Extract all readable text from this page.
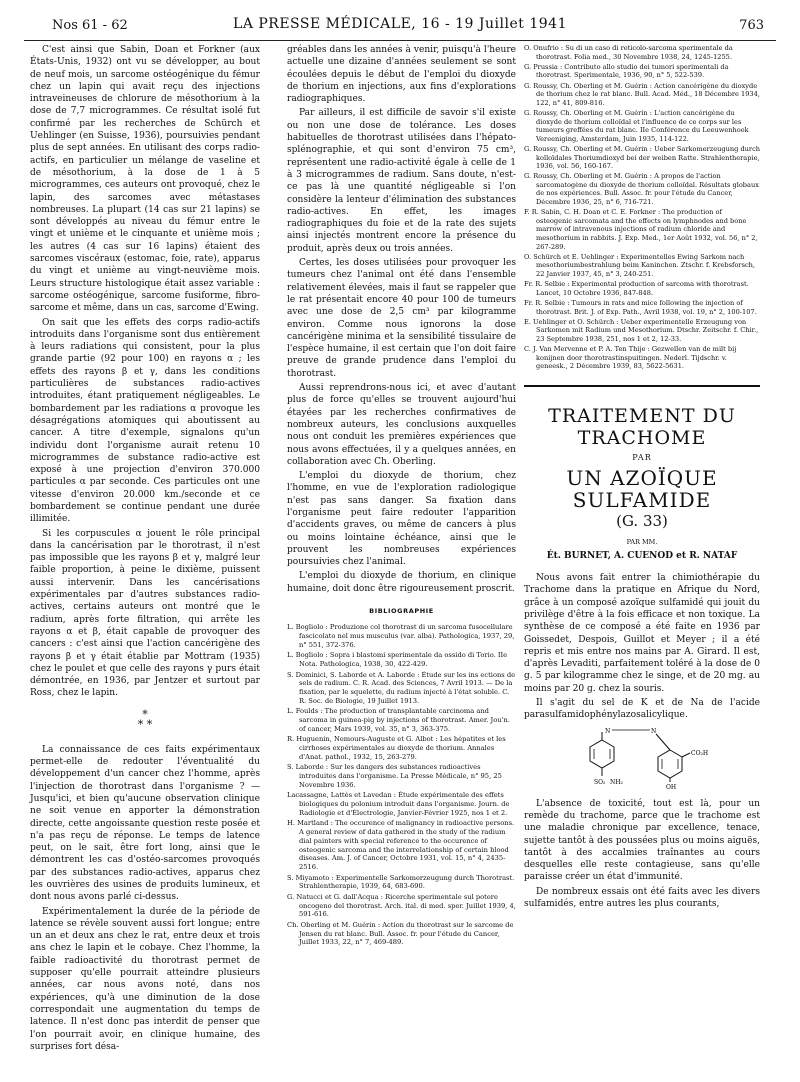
Nos 61 - 62	LA PRESSE MÉDICALE, 16 - 19 Juillet 1941	763

C'est ainsi que Sabin, Doan et Forkner (aux États-Unis, 1932) ont vu se développer, au bout de neuf mois, un sarcome ostéogénique du fémur chez un lapin qui avait reçu des injections intraveineuses de chlorure de mésothorium à la dose de 7,7 microgrammes. Ce résultat isolé fut confirmé par les recherches de Schürch et Uehlinger (en Suisse, 1936), poursuivies pendant plus de sept années. En utilisant des corps radio-actifs, en particulier un mélange de vaseline et de mésothorium, à la dose de 1 à 5 microgrammes, ces auteurs ont provoqué, chez le lapin, des sarcomes avec métastases nombreuses. La plupart (14 cas sur 21 lapins) se sont développés au niveau du fémur entre le vingt et unième et le cinquante et unième mois ; les autres (4 cas sur 16 lapins) étaient des sarcomes viscéraux (estomac, foie, rate), apparus du vingt et unième au vingt-neuvième mois. Leurs structure histologique était assez variable : sarcome ostéogénique, sarcome fusiforme, fibro-sarcome et même, dans un cas, sarcome d'Ewing.

On sait que les effets des corps radio-actifs introduits dans l'organisme sont dus entièrement à leurs radiations qui consistent, pour la plus grande partie (92 pour 100) en rayons α ; les effets des rayons β et γ, dans les conditions particulières de substances radio-actives introduites, étant pratiquement négligeables. Le bombardement par les radiations α provoque les désagrégations atomiques qui aboutissent au cancer. A titre d'exemple, signalons qu'un individu dont l'organisme aurait retenu 10 microgrammes de substance radio-active est exposé à une projection d'environ 370.000 particules α par seconde. Ces particules ont une vitesse d'environ 20.000 km./seconde et ce bombardement se continue pendant une durée illimitée.

Si les corpuscules α jouent le rôle principal dans la cancérisation par le thorotrast, il n'est pas impossible que les rayons β et γ, malgré leur faible proportion, à peine le dixième, puissent aussi intervenir. Dans les cancérisations expérimentales par d'autres substances radio-actives, certains auteurs ont montré que le radium, après forte filtration, qui arrête les rayons α et β, était capable de provoquer des cancers : c'est ainsi que l'action cancérigène des rayons β et γ était établie par Mottram (1935) chez le poulet et que celle des rayons γ purs était démontrée, en 1936, par Jentzer et surtout par Ross, chez le lapin.

*
* *

La connaissance de ces faits expérimentaux permet-elle de redouter l'éventualité du développement d'un cancer chez l'homme, après l'injection de thorotrast dans l'organisme ? — Jusqu'ici, et bien qu'aucune observation clinique ne soit venue en apporter la démonstration directe, cette angoissante question reste posée et n'a pas reçu de réponse. Le temps de latence peut, on le sait, être fort long, ainsi que le démontrent les cas d'ostéo-sarcomes provoqués par des substances radio-actives, apparus chez les ouvrières des usines de produits lumineux, et dont nous avons parlé ci-dessus.

Expérimentalement la durée de la période de latence se révèle souvent aussi fort longue; entre un an et deux ans chez le rat, entre deux et trois ans chez le lapin et le cobaye. Chez l'homme, la faible radioactivité du thorotrast permet de supposer qu'elle pourrait atteindre plusieurs années, car nous avons noté, dans nos expériences, qu'à une diminution de la dose correspondait une augmentation du temps de latence. Il n'est donc pas interdit de penser que l'on pourrait avoir, en clinique humaine, des surprises fort désa-

gréables dans les années à venir, puisqu'à l'heure actuelle une dizaine d'années seulement se sont écoulées depuis le début de l'emploi du dioxyde de thorium en injections, aux fins d'explorations radiographiques.

Par ailleurs, il est difficile de savoir s'il existe ou non une dose de tolérance. Les doses habituelles de thorotrast utilisées dans l'hépato-splénographie, et qui sont d'environ 75 cm³, représentent une radio-activité égale à celle de 1 à 3 microgrammes de radium. Sans doute, n'est-ce pas là une quantité négligeable si l'on considère la lenteur d'élimination des substances radio-actives. En effet, les images radiographiques du foie et de la rate des sujets ainsi injectés montrent encore la présence du produit, après deux ou trois années.

Certes, les doses utilisées pour provoquer les tumeurs chez l'animal ont été dans l'ensemble relativement élevées, mais il faut se rappeler que le rat présentait encore 40 pour 100 de tumeurs avec une dose de 2,5 cm³ par kilogramme environ. Comme nous ignorons la dose cancérigène minima et la sensibilité tissulaire de l'espèce humaine, il est certain que l'on doit faire preuve de grande prudence dans l'emploi du thorotrast.

Aussi reprendrons-nous ici, et avec d'autant plus de force qu'elles se trouvent aujourd'hui étayées par les recherches confirmatives de nombreux auteurs, les conclusions auxquelles nous ont conduit les premières expériences que nous avons effectuées, il y a quelques années, en collaboration avec Ch. Oberling.

L'emploi du dioxyde de thorium, chez l'homme, en vue de l'exploration radiologique n'est pas sans danger. Sa fixation dans l'organisme peut faire redouter l'apparition d'accidents graves, ou même de cancers à plus ou moins lointaine échéance, ainsi que le prouvent les nombreuses expériences poursuivies chez l'animal.

L'emploi du dioxyde de thorium, en clinique humaine, doit donc être rigoureusement proscrit.

BIBLIOGRAPHIE
L. Bogliolo : Produzione col thorotrast di un sarcoma fusocellulare fascicolato nel mus musculus (var. alba). Pathologica, 1937, 29, n° 551, 372-376.
L. Bogliolo : Sopra i blastomi sperimentale da ossido di Torio. IIe Nota. Pathologica, 1938, 30, 422-429.
S. Dominici, S. Laborde et A. Laborde : Étude sur les ins ections de sels de radium. C. R. Acad. des Sciences, 7 Avril 1913. — De la fixation, par le squelette, du radium injecté à l'état soluble. C. R. Soc. de Biologie, 19 Juillet 1913.
L. Foulds : The production of transplantable carcinoma and sarcoma in guinea-pig by injections of thorotrast. Amer. Jou'n. of cancer, Mars 1939, vol. 35, n° 3, 363-375.
R. Huguenin, Nemours-Auguste et G. Albot : Les hépatites et les cirrhoses expérimentales au dioxyde de thorium. Annales d'Anat. pathol., 1932, 15, 263-279.
S. Laborde : Sur les dangers des substances radioactives introduites dans l'organisme. La Presse Médicale, n° 95, 25 Novembre 1936.
Lacassagne, Lattès et Lavedan : Étude expérimentale des effets biologiques du polonium introduit dans l'organisme. Journ. de Radiologie et d'Électrologie, Janvier-Février 1925, nos 1 et 2.
H. Martland : The occurence of malignancy in radioactive persons. A general review of data gathered in the study of the radium dial painters with special reference to the occurence of osteogenic sarcoma and the interrelationship of certain blood diseases. Am. J. of Cancer, Octobre 1931, vol. 15, n° 4, 2435-2516.
S. Miyamoto : Experimentelle Sarkomerzeugung durch Thorotrast. Strahlentherapie, 1939, 64, 683-690.
G. Natucci et G. dall'Acqua : Ricerche sperimentale sul potere oncogeno del thorotrast. Arch. ital. di med. sper. Juillet 1939, 4, 591-616.
Ch. Oberling et M. Guérin : Action du thorotrast sur le sarcome de Jensen du rat blanc. Bull. Assoc. fr. pour l'étude du Cancer, Juillet 1933, 22, n° 7, 469-489.
O. Onufrio : Su di un caso di reticolo-sarcoma sperimentale da thorotrast. Folia med., 30 Novembre 1938, 24, 1245-1255.
G. Prussia : Contributo allo studio dei tumori sperimentali da thorotrast. Sperimentale, 1936, 90, n° 5, 522-539.
G. Roussy, Ch. Oberling et M. Guérin : Action cancérigène du dioxyde de thorium chez le rat blanc. Bull. Acad. Méd., 18 Décembre 1934, 122, n° 41, 809-816.
G. Roussy, Ch. Oberling et M. Guérin : L'action cancérigène du dioxyde de thorium colloïdal et l'influence de ce corps sur les tumeurs greffées du rat blanc. IIe Conférence du Leeuwenhoek Vereeniging, Amsterdam, Juin 1935, 114-122.
G. Roussy, Ch. Oberling et M. Guérin : Ueber Sarkomerzeugung durch kolloïdales Thoriumdioxyd bei der weiben Ratte. Strahlentherapie, 1936, vol. 56, 160-167.
G. Roussy, Ch. Oberling et M. Guérin : A propos de l'action sarcomatogène du dioxyde de thorium colloïdal. Résultats globaux de nos expériences. Bull. Assoc. fr. pour l'étude du Cancer, Décembre 1936, 25, n° 6, 716-721.
F. R. Sabin, C. H. Doan et C. E. Forkner : The production of osteogenic sarcomata and the effects on lymphnodes and bone marrow of intravenous injections of radium chloride and mesothorium in rabbits. J. Exp. Med., 1er Août 1932, vol. 56, n° 2, 267-289.
O. Schürch et E. Uehlinger : Experimentelles Ewing Sarkom nach mesothoriumbestrahlung beim Kaninchen. Ztschr. f. Krebsforsch, 22 Janvier 1937, 45, n° 3, 240-251.
Fr. R. Selbie : Experimental production of sarcoma with thorotrast. Lancet, 10 Octobre 1936, 847-848.
Fr. R. Selbie : Tumours in rats and mice following the injection of thorotrast. Brit. J. of Exp. Path., Avril 1938, vol. 19, n° 2, 100-107.
E. Uehlinger et O. Schürch : Ueber experimentelle Erzeugung von Sarkomen mit Radium und Mesothorium. Dtschr. Zeitschr. f. Chir., 23 Septembre 1938, 251, nos 1 et 2, 12-33.
C. J. Van Mervenne et P. A. Ten Thije : Gezwellen van de milt bij konijnen door thorotrastinspuitingen. Nederl. Tijdschr. v. geneesk., 2 Décembre 1939, 83, 5622-5631.
TRAITEMENT DU TRACHOME
PAR
UN AZOÏQUE SULFAMIDE
(G. 33)
PAR MM.
Ét. BURNET, A. CUENOD et R. NATAF

Nous avons fait entrer la chimiothérapie du Trachome dans la pratique en Afrique du Nord, grâce à un composé azoïque sulfamidé qui jouit du privilège d'être à la fois efficace et non toxique. La synthèse de ce composé a été faite en 1936 par Goissedet, Despois, Guillot et Meyer ; il a été repris et mis entre nos mains par A. Girard. Il est, d'après Levaditi, parfaitement toléré à la dose de 0 g. 5 par kilogramme chez le singe, et de 20 mg. au moins par 20 g. chez la souris.

Il s'agit du sel de K et de Na de l'acide parasulfamidophénylazosalicylique.

N	N
SO₂ NH₂
CO₂H
OH

L'absence de toxicité, tout est là, pour un remède du trachome, parce que le trachome est une maladie chronique par excellence, tenace, sujette tantôt à des poussées plus ou moins aiguës, tantôt à des accalmies traînantes au cours desquelles elle reste contagieuse, sans qu'elle paraisse créer un état d'immunité.

De nombreux essais ont été faits avec les divers sulfamidés, entre autres les plus courants,
